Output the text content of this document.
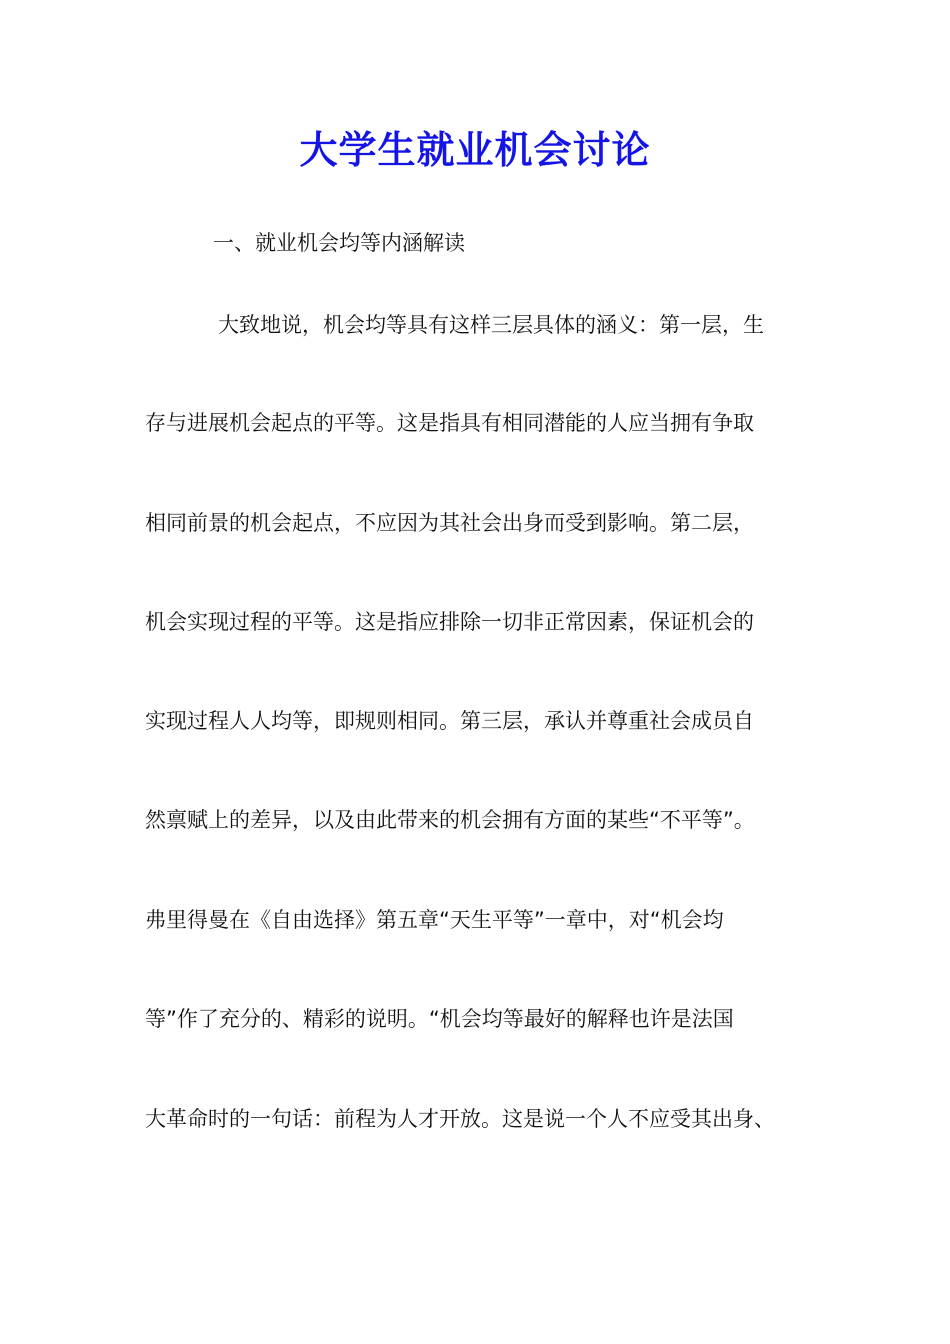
大学生就业机会讨论

一、就业机会均等内涵解读

大致地说，机会均等具有这样三层具体的涵义：第一层，生

存与进展机会起点的平等。这是指具有相同潜能的人应当拥有争取

相同前景的机会起点，不应因为其社会出身而受到影响。第二层，

机会实现过程的平等。这是指应排除一切非正常因素，保证机会的

实现过程人人均等，即规则相同。第三层，承认并尊重社会成员自

然禀赋上的差异，以及由此带来的机会拥有方面的某些“不平等”。

弗里得曼在《自由选择》第五章“天生平等”一章中，对“机会均

等”作了充分的、精彩的说明。“机会均等最好的解释也许是法国

大革命时的一句话：前程为人才开放。这是说一个人不应受其出身、
